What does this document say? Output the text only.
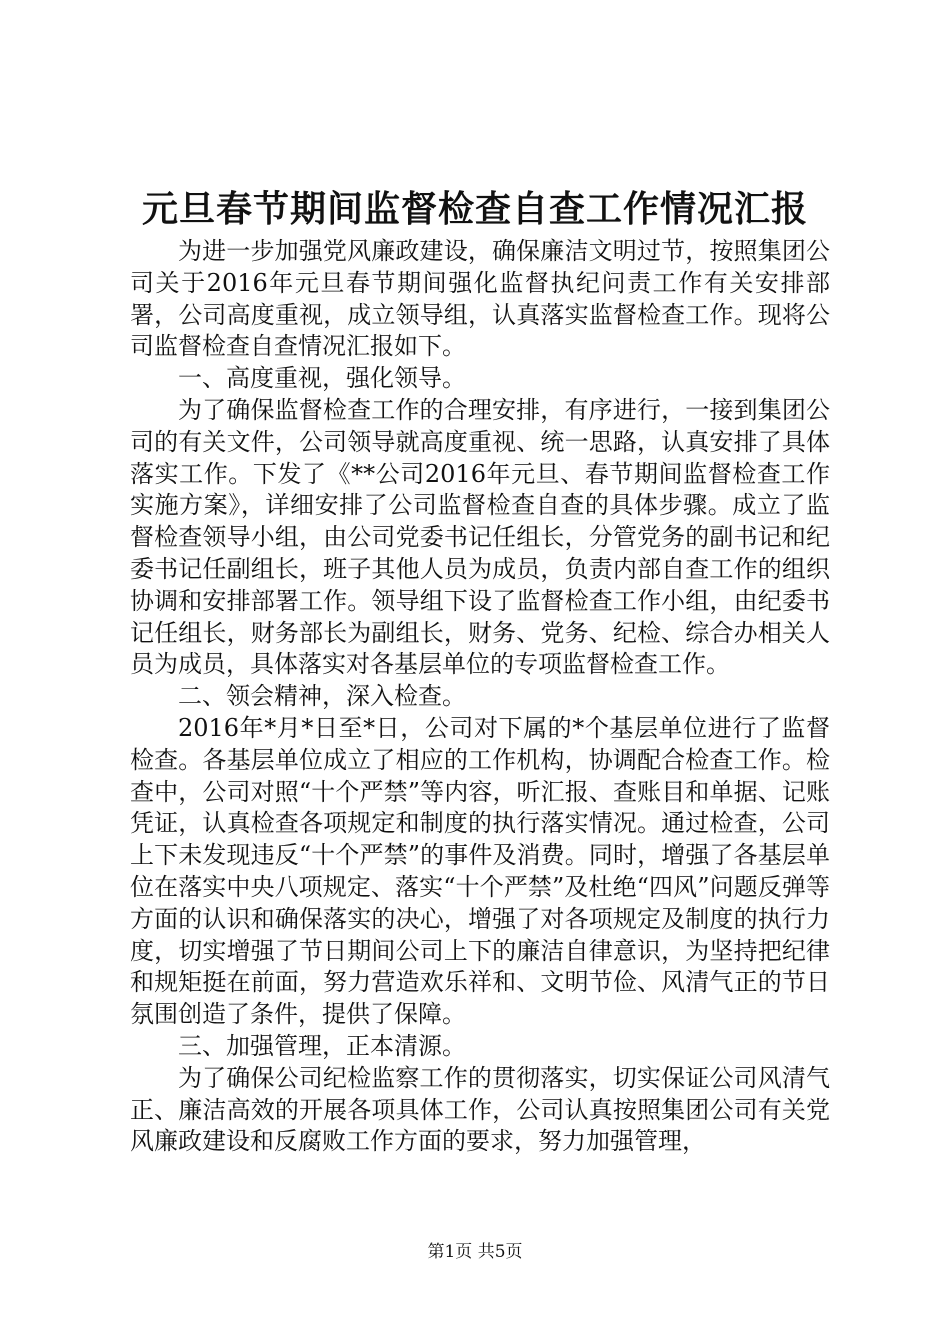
元旦春节期间监督检查自查工作情况汇报

为进一步加强党风廉政建设，确保廉洁文明过节，按照集团公司关于2016年元旦春节期间强化监督执纪问责工作有关安排部署，公司高度重视，成立领导组，认真落实监督检查工作。现将公司监督检查自查情况汇报如下。

一、高度重视，强化领导。

为了确保监督检查工作的合理安排，有序进行，一接到集团公司的有关文件，公司领导就高度重视、统一思路，认真安排了具体落实工作。下发了《**公司2016年元旦、春节期间监督检查工作实施方案》，详细安排了公司监督检查自查的具体步骤。成立了监督检查领导小组，由公司党委书记任组长，分管党务的副书记和纪委书记任副组长，班子其他人员为成员，负责内部自查工作的组织协调和安排部署工作。领导组下设了监督检查工作小组，由纪委书记任组长，财务部长为副组长，财务、党务、纪检、综合办相关人员为成员，具体落实对各基层单位的专项监督检查工作。

二、领会精神，深入检查。

2016年*月*日至*日，公司对下属的*个基层单位进行了监督检查。各基层单位成立了相应的工作机构，协调配合检查工作。检查中，公司对照“十个严禁”等内容，听汇报、查账目和单据、记账凭证，认真检查各项规定和制度的执行落实情况。通过检查，公司上下未发现违反“十个严禁”的事件及消费。同时，增强了各基层单位在落实中央八项规定、落实“十个严禁”及杜绝“四风”问题反弹等方面的认识和确保落实的决心，增强了对各项规定及制度的执行力度，切实增强了节日期间公司上下的廉洁自律意识，为坚持把纪律和规矩挺在前面，努力营造欢乐祥和、文明节俭、风清气正的节日氛围创造了条件，提供了保障。

三、加强管理，正本清源。

为了确保公司纪检监察工作的贯彻落实，切实保证公司风清气正、廉洁高效的开展各项具体工作，公司认真按照集团公司有关党风廉政建设和反腐败工作方面的要求，努力加强管理，

第1页 共5页
